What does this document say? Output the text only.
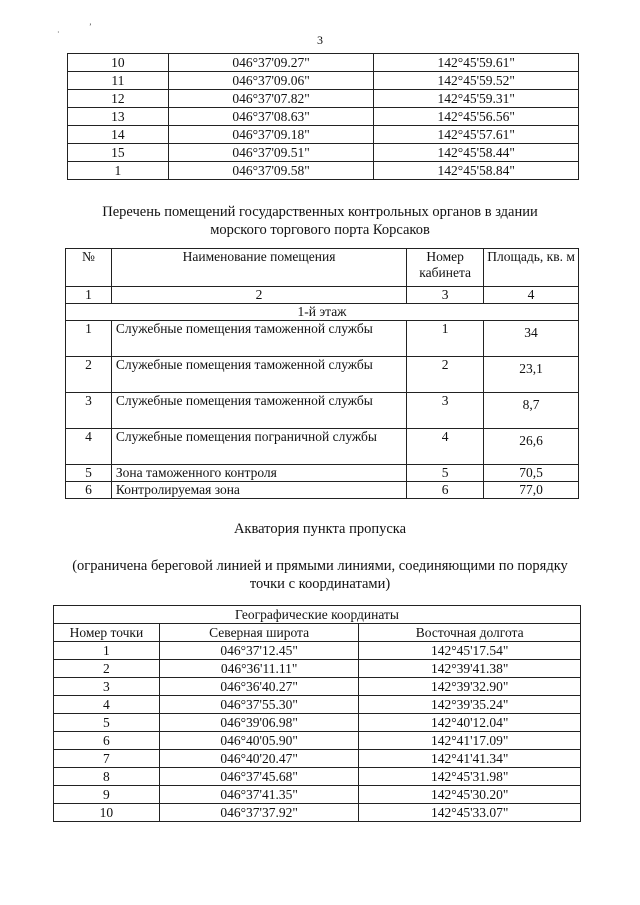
·
ʼ
3
10	046°37'09.27"	142°45'59.61"
11	046°37'09.06"	142°45'59.52"
12	046°37'07.82"	142°45'59.31"
13	046°37'08.63"	142°45'56.56"
14	046°37'09.18"	142°45'57.61"
15	046°37'09.51"	142°45'58.44"
1	046°37'09.58"	142°45'58.84"
Перечень помещений государственных контрольных органов в здании
морского торгового порта Корсаков
№	Наименование помещения	Номер кабинета	Площадь, кв. м
1	2	3	4
1-й этаж			
1	Служебные помещения таможенной службы	1	34
2	Служебные помещения таможенной службы	2	23,1
3	Служебные помещения таможенной службы	3	8,7
4	Служебные помещения пограничной службы	4	26,6
5	Зона таможенного контроля	5	70,5
6	Контролируемая зона	6	77,0
Акватория пункта пропуска
(ограничена береговой линией и прямыми линиями, соединяющими по порядку
точки с координатами)
Географические координаты		
Номер точки	Северная широта	Восточная долгота
1	046°37'12.45"	142°45'17.54"
2	046°36'11.11"	142°39'41.38"
3	046°36'40.27"	142°39'32.90"
4	046°37'55.30"	142°39'35.24"
5	046°39'06.98"	142°40'12.04"
6	046°40'05.90"	142°41'17.09"
7	046°40'20.47"	142°41'41.34"
8	046°37'45.68"	142°45'31.98"
9	046°37'41.35"	142°45'30.20"
10	046°37'37.92"	142°45'33.07"
